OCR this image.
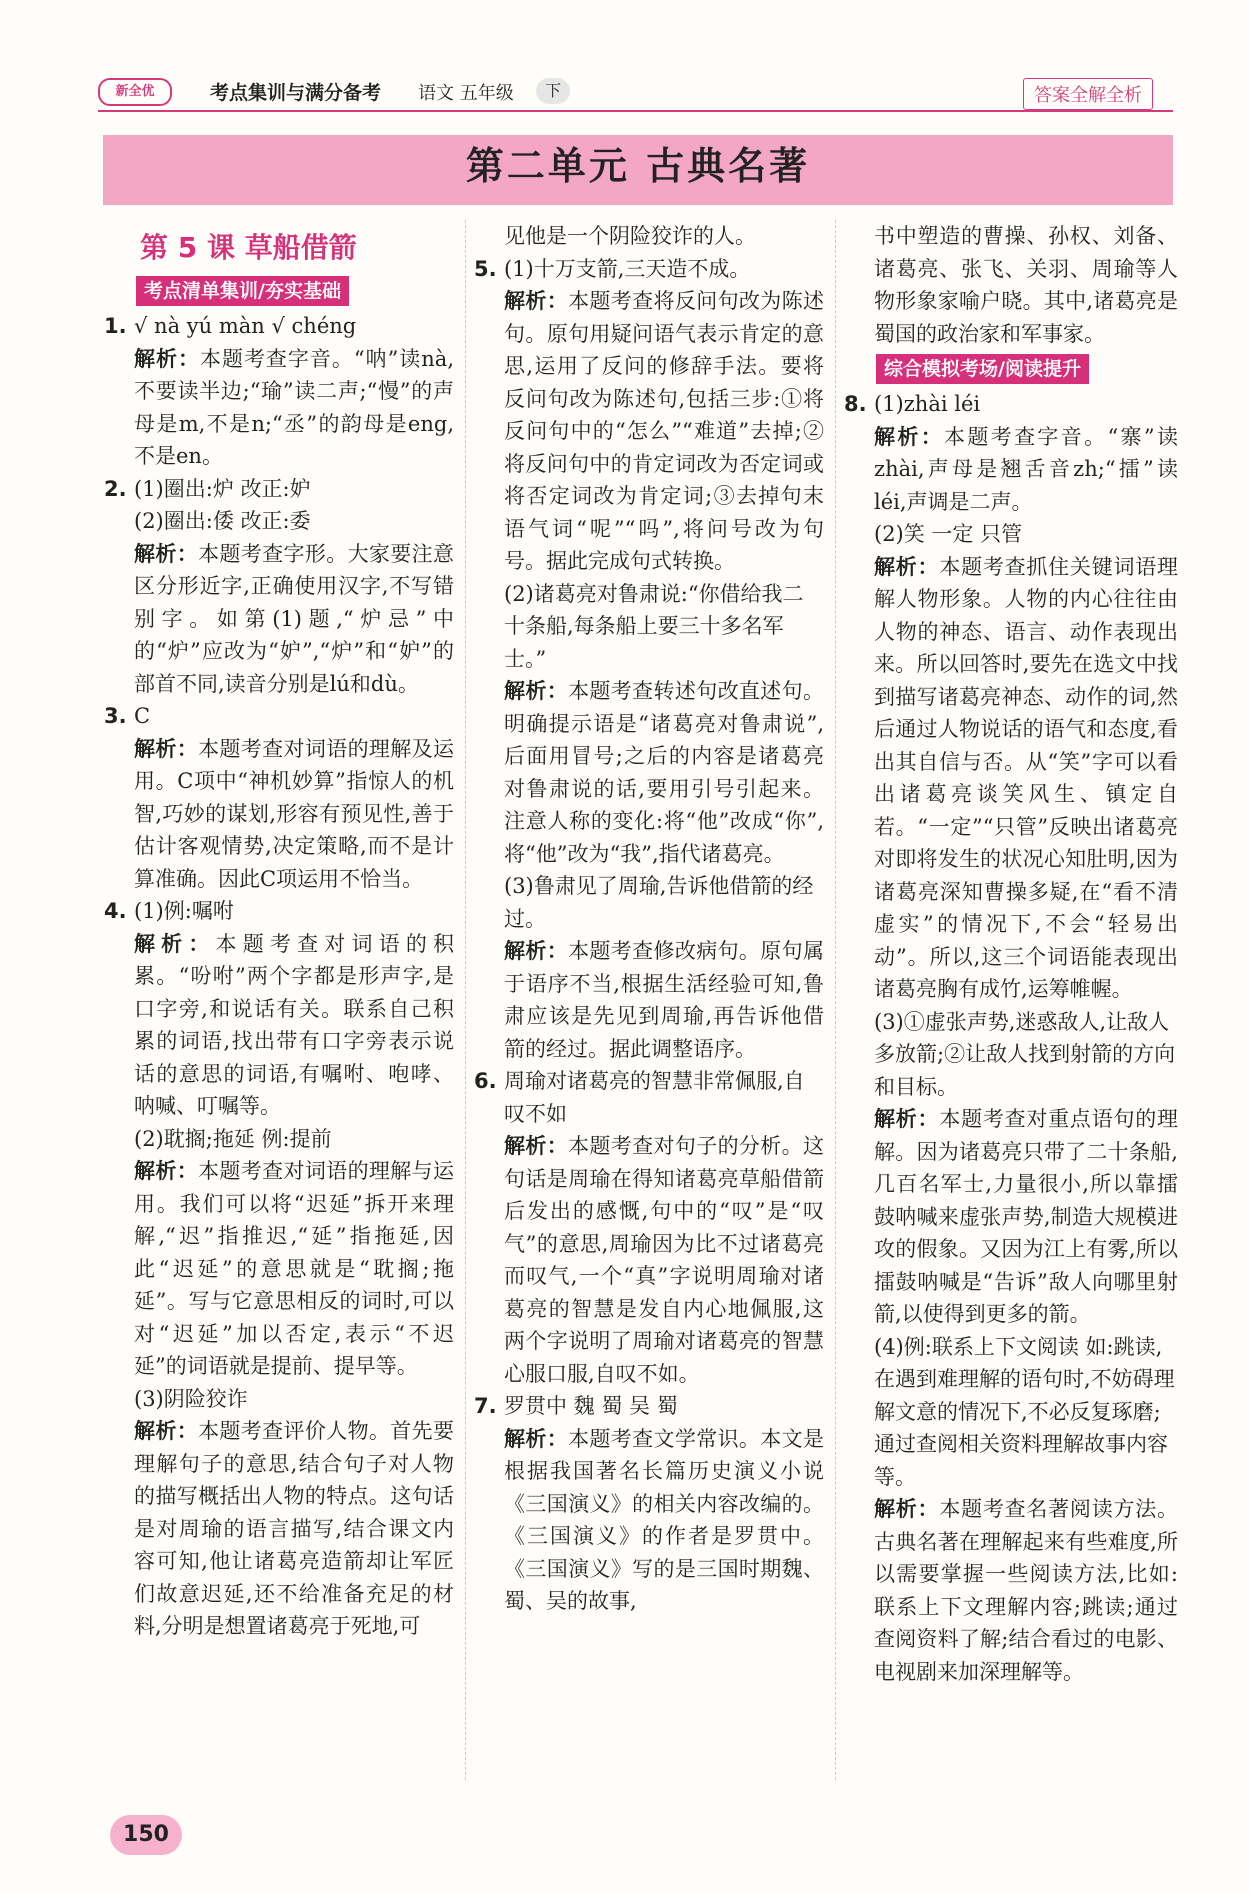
新全优	考点集训与满分备考 语文 五年级	下	答案全解全析
第二单元 古典名著
第 5 课 草船借箭
考点清单集训/夯实基础
1. √ nà yú màn √ chéng
解析：本题考查字音。“呐”读nà,不要读半边;“瑜”读二声;“慢”的声母是m,不是n;“丞”的韵母是eng,不是en。
2. (1)圈出:炉 改正:妒
(2)圈出:倭 改正:委
解析：本题考查字形。大家要注意区分形近字,正确使用汉字,不写错别字。如第(1)题,“炉忌”中的“炉”应改为“妒”,“炉”和“妒”的部首不同,读音分别是lú和dù。
3. C
解析：本题考查对词语的理解及运用。C项中“神机妙算”指惊人的机智,巧妙的谋划,形容有预见性,善于估计客观情势,决定策略,而不是计算准确。因此C项运用不恰当。
4. (1)例:嘱咐
解析：本题考查对词语的积累。“吩咐”两个字都是形声字,是口字旁,和说话有关。联系自己积累的词语,找出带有口字旁表示说话的意思的词语,有嘱咐、咆哮、呐喊、叮嘱等。
(2)耽搁;拖延 例:提前
解析：本题考查对词语的理解与运用。我们可以将“迟延”拆开来理解,“迟”指推迟,“延”指拖延,因此“迟延”的意思就是“耽搁;拖延”。写与它意思相反的词时,可以对“迟延”加以否定,表示“不迟延”的词语就是提前、提早等。
(3)阴险狡诈
解析：本题考查评价人物。首先要理解句子的意思,结合句子对人物的描写概括出人物的特点。这句话是对周瑜的语言描写,结合课文内容可知,他让诸葛亮造箭却让军匠们故意迟延,还不给准备充足的材料,分明是想置诸葛亮于死地,可
见他是一个阴险狡诈的人。
5. (1)十万支箭,三天造不成。
解析：本题考查将反问句改为陈述句。原句用疑问语气表示肯定的意思,运用了反问的修辞手法。要将反问句改为陈述句,包括三步:①将反问句中的“怎么”“难道”去掉;②将反问句中的肯定词改为否定词或将否定词改为肯定词;③去掉句末语气词“呢”“吗”,将问号改为句号。据此完成句式转换。
(2)诸葛亮对鲁肃说:“你借给我二十条船,每条船上要三十多名军士。”
解析：本题考查转述句改直述句。明确提示语是“诸葛亮对鲁肃说”,后面用冒号;之后的内容是诸葛亮对鲁肃说的话,要用引号引起来。注意人称的变化:将“他”改成“你”,将“他”改为“我”,指代诸葛亮。
(3)鲁肃见了周瑜,告诉他借箭的经过。
解析：本题考查修改病句。原句属于语序不当,根据生活经验可知,鲁肃应该是先见到周瑜,再告诉他借箭的经过。据此调整语序。
6. 周瑜对诸葛亮的智慧非常佩服,自叹不如
解析：本题考查对句子的分析。这句话是周瑜在得知诸葛亮草船借箭后发出的感慨,句中的“叹”是“叹气”的意思,周瑜因为比不过诸葛亮而叹气,一个“真”字说明周瑜对诸葛亮的智慧是发自内心地佩服,这两个字说明了周瑜对诸葛亮的智慧心服口服,自叹不如。
7. 罗贯中 魏 蜀 吴 蜀
解析：本题考查文学常识。本文是根据我国著名长篇历史演义小说《三国演义》的相关内容改编的。《三国演义》的作者是罗贯中。《三国演义》写的是三国时期魏、蜀、吴的故事,
书中塑造的曹操、孙权、刘备、诸葛亮、张飞、关羽、周瑜等人物形象家喻户晓。其中,诸葛亮是蜀国的政治家和军事家。
综合模拟考场/阅读提升
8. (1)zhài léi
解析：本题考查字音。“寨”读zhài,声母是翘舌音zh;“擂”读léi,声调是二声。
(2)笑 一定 只管
解析：本题考查抓住关键词语理解人物形象。人物的内心往往由人物的神态、语言、动作表现出来。所以回答时,要先在选文中找到描写诸葛亮神态、动作的词,然后通过人物说话的语气和态度,看出其自信与否。从“笑”字可以看出诸葛亮谈笑风生、镇定自若。“一定”“只管”反映出诸葛亮对即将发生的状况心知肚明,因为诸葛亮深知曹操多疑,在“看不清虚实”的情况下,不会“轻易出动”。所以,这三个词语能表现出诸葛亮胸有成竹,运筹帷幄。
(3)①虚张声势,迷惑敌人,让敌人多放箭;②让敌人找到射箭的方向和目标。
解析：本题考查对重点语句的理解。因为诸葛亮只带了二十条船,几百名军士,力量很小,所以靠擂鼓呐喊来虚张声势,制造大规模进攻的假象。又因为江上有雾,所以擂鼓呐喊是“告诉”敌人向哪里射箭,以使得到更多的箭。
(4)例:联系上下文阅读 如:跳读,在遇到难理解的语句时,不妨碍理解文意的情况下,不必反复琢磨;通过查阅相关资料理解故事内容等。
解析：本题考查名著阅读方法。古典名著在理解起来有些难度,所以需要掌握一些阅读方法,比如:联系上下文理解内容;跳读;通过查阅资料了解;结合看过的电影、电视剧来加深理解等。
150
